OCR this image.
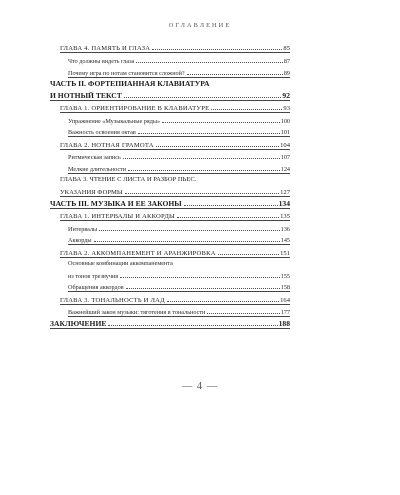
ОГЛАВЛЕНИЕ
ГЛАВА 4. ПАМЯТЬ И ГЛАЗА	85
Что должны видеть глаза	87
Почему игра по нотам становится сложной?	89
ЧАСТЬ II. ФОРТЕПИАННАЯ КЛАВИАТУРА
И НОТНЫЙ ТЕКСТ	92
ГЛАВА 1. ОРИЕНТИРОВАНИЕ В КЛАВИАТУРЕ	93
Упражнение «Музыкальные ряды»	100
Важность освоения октав	101
ГЛАВА 2. НОТНАЯ ГРАМОТА	104
Ритмическая запись	107
Мелкие длительности	124
ГЛАВА 3. ЧТЕНИЕ С ЛИСТА И РАЗБОР ПЬЕС.
УКАЗАНИЯ ФОРМЫ	127
ЧАСТЬ III. МУЗЫКА И ЕЕ ЗАКОНЫ	134
ГЛАВА 1. ИНТЕРВАЛЫ И АККОРДЫ	135
Интервалы	136
Аккорды	145
ГЛАВА 2. АККОМПАНЕМЕНТ И АРАНЖИРОВКА	151
Основные комбинации аккомпанемента
из тонов трезвучия	155
Обращения аккордов	158
ГЛАВА 3. ТОНАЛЬНОСТЬ И ЛАД	164
Важнейший закон музыки: тяготения в тональности	177
ЗАКЛЮЧЕНИЕ	188
— 4 —
